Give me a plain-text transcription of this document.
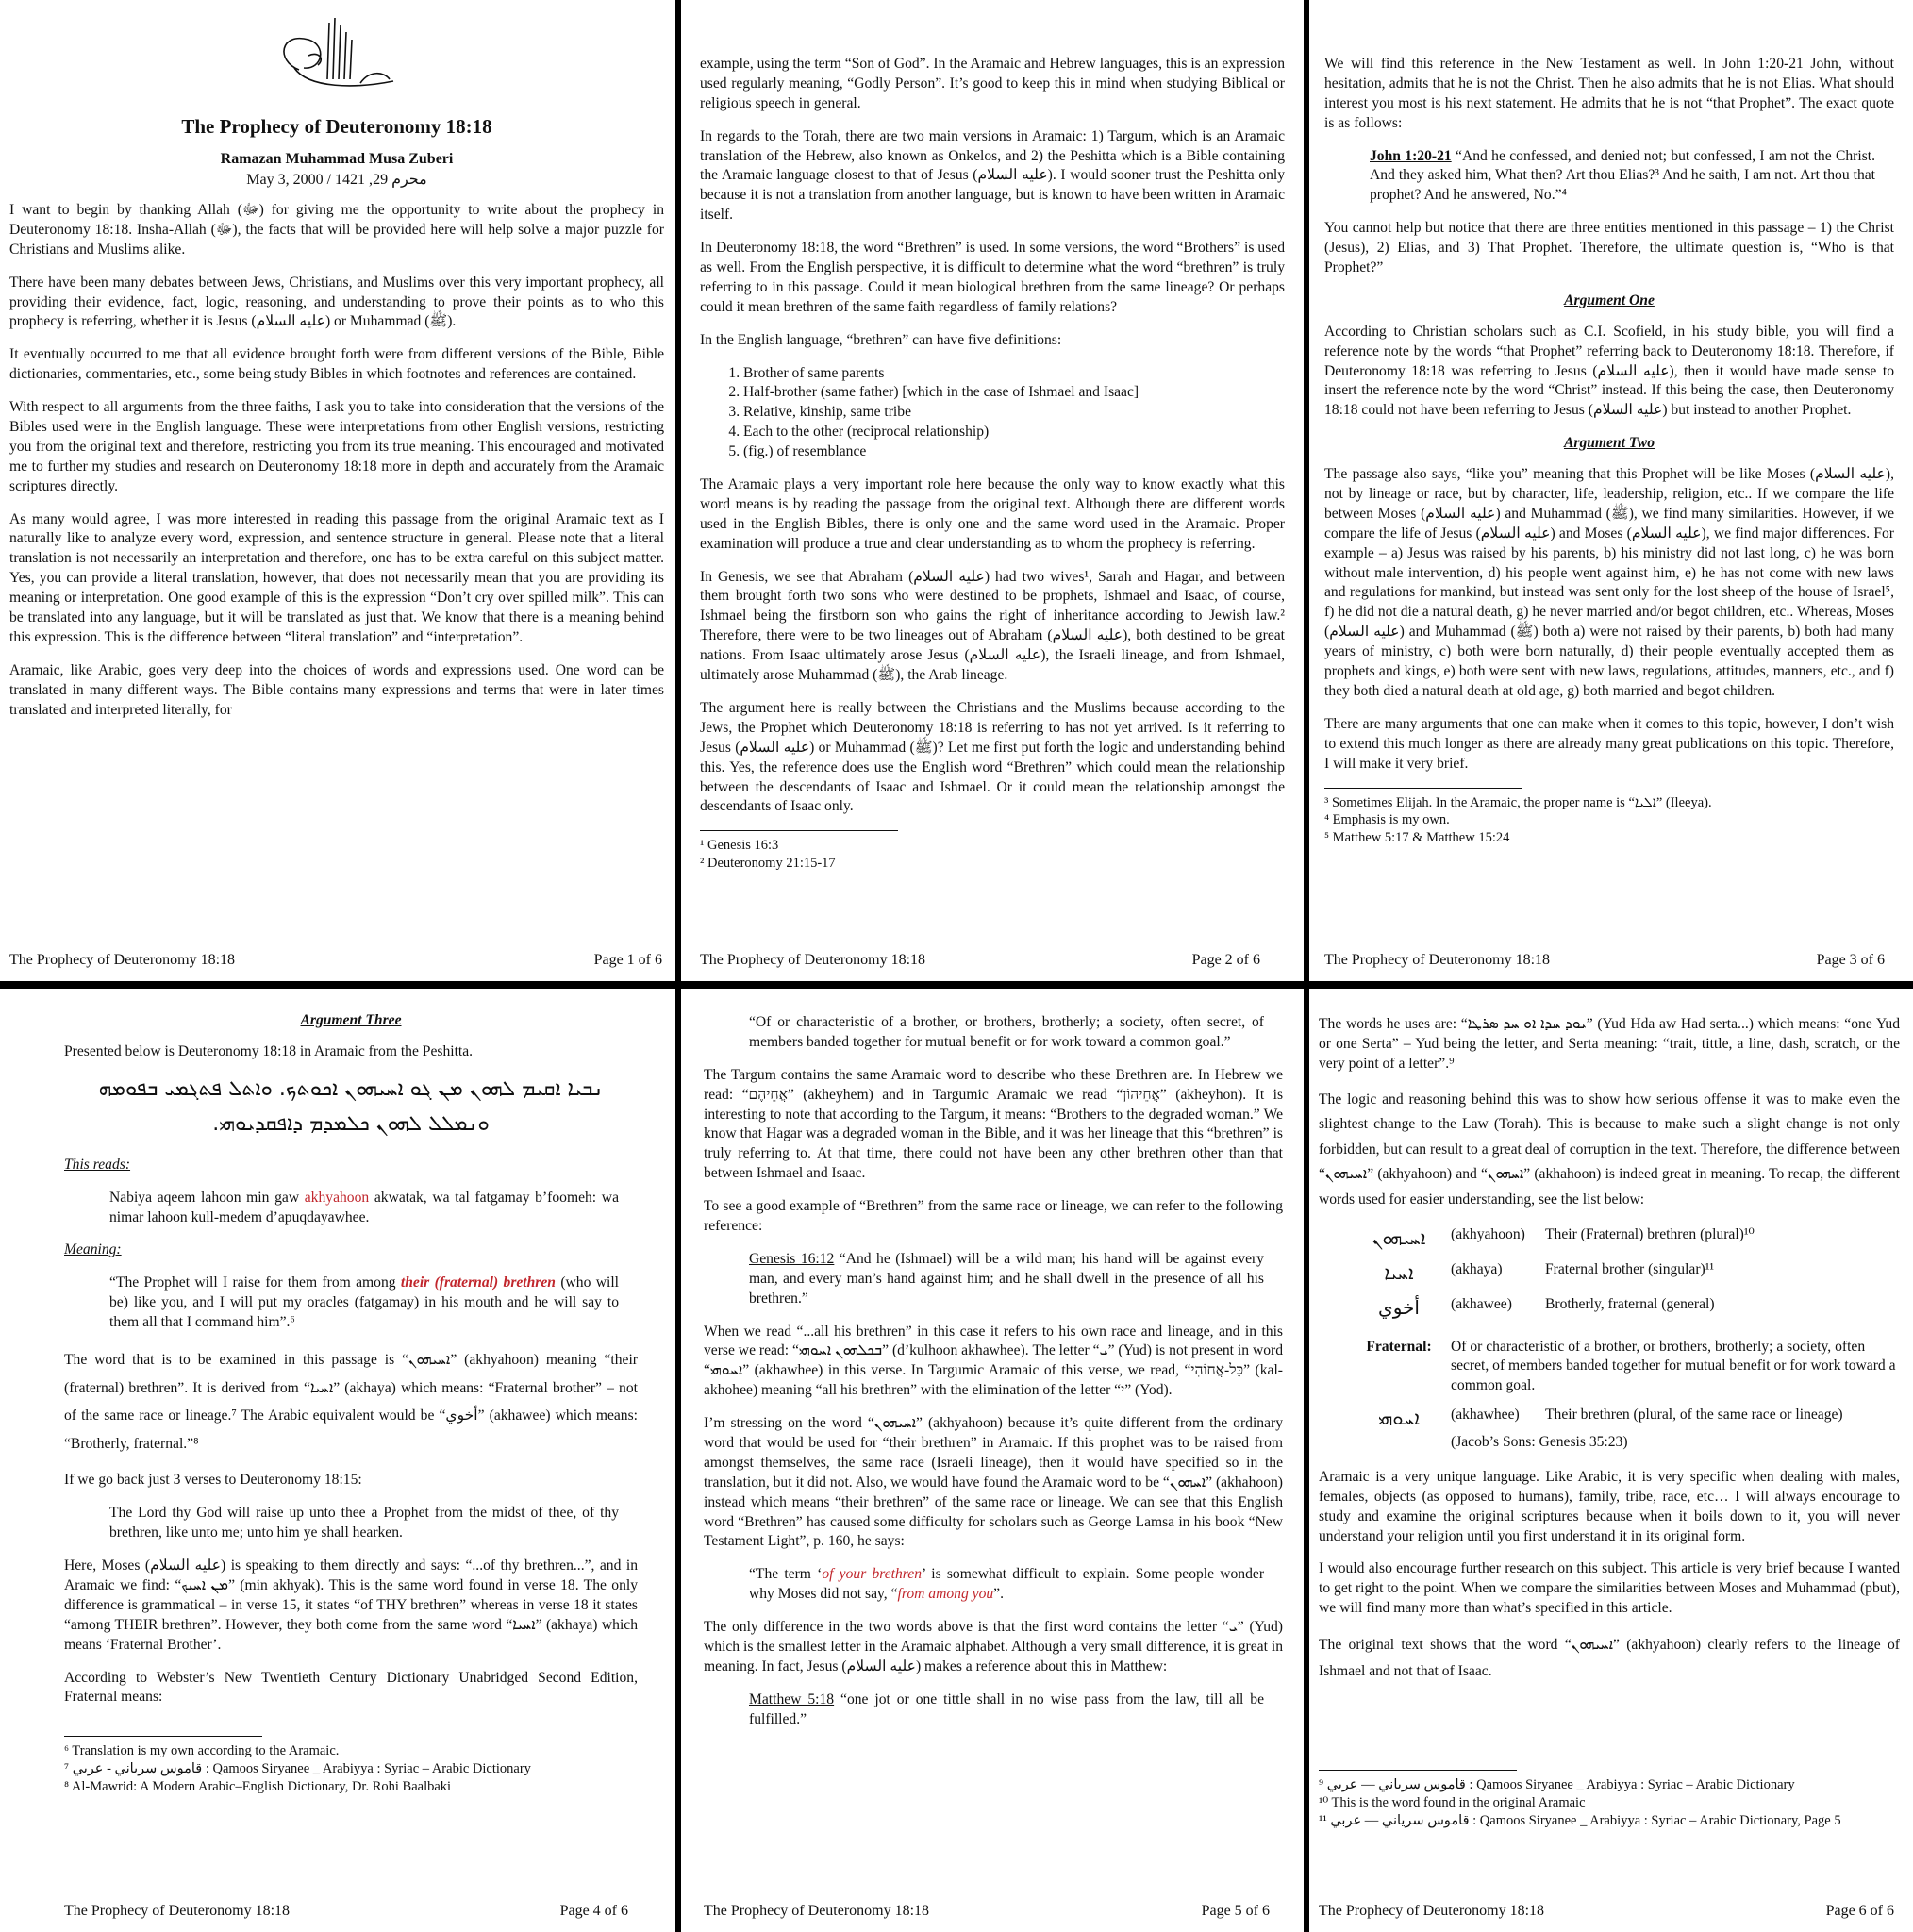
The Prophecy of Deuteronomy 18:18

Ramazan Muhammad Musa Zuberi

May 3, 2000 / 1421 ,محرم 29

I want to begin by thanking Allah (ﷻ) for giving me the opportunity to write about the prophecy in Deuteronomy 18:18. Insha-Allah (ﷻ), the facts that will be provided here will help solve a major puzzle for Christians and Muslims alike.

There have been many debates between Jews, Christians, and Muslims over this very important prophecy, all providing their evidence, fact, logic, reasoning, and understanding to prove their points as to who this prophecy is referring, whether it is Jesus (عليه السلام) or Muhammad (ﷺ).

It eventually occurred to me that all evidence brought forth were from different versions of the Bible, Bible dictionaries, commentaries, etc., some being study Bibles in which footnotes and references are contained.

With respect to all arguments from the three faiths, I ask you to take into consideration that the versions of the Bibles used were in the English language. These were interpretations from other English versions, restricting you from the original text and therefore, restricting you from its true meaning. This encouraged and motivated me to further my studies and research on Deuteronomy 18:18 more in depth and accurately from the Aramaic scriptures directly.

As many would agree, I was more interested in reading this passage from the original Aramaic text as I naturally like to analyze every word, expression, and sentence structure in general. Please note that a literal translation is not necessarily an interpretation and therefore, one has to be extra careful on this subject matter. Yes, you can provide a literal translation, however, that does not necessarily mean that you are providing its meaning or interpretation. One good example of this is the expression “Don’t cry over spilled milk”. This can be translated into any language, but it will be translated as just that. We know that there is a meaning behind this expression. This is the difference between “literal translation” and “interpretation”.

Aramaic, like Arabic, goes very deep into the choices of words and expressions used. One word can be translated in many different ways. The Bible contains many expressions and terms that were in later times translated and interpreted literally, for

The Prophecy of Deuteronomy 18:18	Page 1 of 6

example, using the term “Son of God”. In the Aramaic and Hebrew languages, this is an expression used regularly meaning, “Godly Person”. It’s good to keep this in mind when studying Biblical or religious speech in general.

In regards to the Torah, there are two main versions in Aramaic: 1) Targum, which is an Aramaic translation of the Hebrew, also known as Onkelos, and 2) the Peshitta which is a Bible containing the Aramaic language closest to that of Jesus (عليه السلام). I would sooner trust the Peshitta only because it is not a translation from another language, but is known to have been written in Aramaic itself.

In Deuteronomy 18:18, the word “Brethren” is used. In some versions, the word “Brothers” is used as well. From the English perspective, it is difficult to determine what the word “brethren” is truly referring to in this passage. Could it mean biological brethren from the same lineage? Or perhaps could it mean brethren of the same faith regardless of family relations?

In the English language, “brethren” can have five definitions:

1. Brother of same parents
2. Half-brother (same father) [which in the case of Ishmael and Isaac]
3. Relative, kinship, same tribe
4. Each to the other (reciprocal relationship)
5. (fig.) of resemblance

The Aramaic plays a very important role here because the only way to know exactly what this word means is by reading the passage from the original text. Although there are different words used in the English Bibles, there is only one and the same word used in the Aramaic. Proper examination will produce a true and clear understanding as to whom the prophecy is referring.

In Genesis, we see that Abraham (عليه السلام) had two wives¹, Sarah and Hagar, and between them brought forth two sons who were destined to be prophets, Ishmael and Isaac, of course, Ishmael being the firstborn son who gains the right of inheritance according to Jewish law.² Therefore, there were to be two lineages out of Abraham (عليه السلام), both destined to be great nations. From Isaac ultimately arose Jesus (عليه السلام), the Israeli lineage, and from Ishmael, ultimately arose Muhammad (ﷺ), the Arab lineage.

The argument here is really between the Christians and the Muslims because according to the Jews, the Prophet which Deuteronomy 18:18 is referring to has not yet arrived. Is it referring to Jesus (عليه السلام) or Muhammad (ﷺ)? Let me first put forth the logic and understanding behind this. Yes, the reference does use the English word “Brethren” which could mean the relationship between the descendants of Isaac and Ishmael. Or it could mean the relationship amongst the descendants of Isaac only.

¹ Genesis 16:3

² Deuteronomy 21:15-17

The Prophecy of Deuteronomy 18:18	Page 2 of 6

We will find this reference in the New Testament as well. In John 1:20-21 John, without hesitation, admits that he is not the Christ. Then he also admits that he is not Elias. What should interest you most is his next statement. He admits that he is not “that Prophet”. The exact quote is as follows:

John 1:20-21 “And he confessed, and denied not; but confessed, I am not the Christ. And they asked him, What then? Art thou Elias?³ And he saith, I am not. Art thou that prophet? And he answered, No.”⁴

You cannot help but notice that there are three entities mentioned in this passage – 1) the Christ (Jesus), 2) Elias, and 3) That Prophet. Therefore, the ultimate question is, “Who is that Prophet?”

Argument One

According to Christian scholars such as C.I. Scofield, in his study bible, you will find a reference note by the words “that Prophet” referring back to Deuteronomy 18:18. Therefore, if Deuteronomy 18:18 was referring to Jesus (عليه السلام), then it would have made sense to insert the reference note by the word “Christ” instead. If this being the case, then Deuteronomy 18:18 could not have been referring to Jesus (عليه السلام) but instead to another Prophet.

Argument Two

The passage also says, “like you” meaning that this Prophet will be like Moses (عليه السلام), not by lineage or race, but by character, life, leadership, religion, etc.. If we compare the life between Moses (عليه السلام) and Muhammad (ﷺ), we find many similarities. However, if we compare the life of Jesus (عليه السلام) and Moses (عليه السلام), we find major differences. For example – a) Jesus was raised by his parents, b) his ministry did not last long, c) he was born without male intervention, d) his people went against him, e) he has not come with new laws and regulations for mankind, but instead was sent only for the lost sheep of the house of Israel⁵, f) he did not die a natural death, g) he never married and/or begot children, etc.. Whereas, Moses (عليه السلام) and Muhammad (ﷺ) both a) were not raised by their parents, b) both had many years of ministry, c) both were born naturally, d) their people eventually accepted them as prophets and kings, e) both were sent with new laws, regulations, attitudes, manners, etc., and f) they both died a natural death at old age, g) both married and begot children.

There are many arguments that one can make when it comes to this topic, however, I don’t wish to extend this much longer as there are already many great publications on this topic. Therefore, I will make it very brief.

³ Sometimes Elijah. In the Aramaic, the proper name is “ܐܠܝܐ” (Ileeya).

⁴ Emphasis is my own.

⁵ Matthew 5:17 & Matthew 15:24

The Prophecy of Deuteronomy 18:18	Page 3 of 6
Argument Three

Presented below is Deuteronomy 18:18 in Aramaic from the Peshitta.

ܢܒܝܐ ܐܩܝܡ ܠܗܘܢ ܡܢ ܓܘ ܐܚܝܗܘܢ ܐܟܘܬܟ. ܘܐܬܠ ܦܬܓܡܝ ܒܦܘܡܗ
ܘܢܡܠܠ ܠܗܘܢ ܟܠܡܕܡ ܕܐܦܩܕܝܘܗܝ.

This reads:

Nabiya aqeem lahoon min gaw akhyahoon akwatak, wa tal fatgamay b’foomeh: wa nimar lahoon kull-medem d’apuqdayawhee.

Meaning:

“The Prophet will I raise for them from among their (fraternal) brethren (who will be) like you, and I will put my oracles (fatgamay) in his mouth and he will say to them all that I command him”.⁶

The word that is to be examined in this passage is “ܐܚܝܗܘܢ” (akhyahoon) meaning “their (fraternal) brethren”. It is derived from “ܐܚܝܐ” (akhaya) which means: “Fraternal brother” – not of the same race or lineage.⁷ The Arabic equivalent would be “أخوي” (akhawee) which means: “Brotherly, fraternal.”⁸

If we go back just 3 verses to Deuteronomy 18:15:

The Lord thy God will raise up unto thee a Prophet from the midst of thee, of thy brethren, like unto me; unto him ye shall hearken.

Here, Moses (عليه السلام) is speaking to them directly and says: “...of thy brethren...”, and in Aramaic we find: “ܡܢ ܐܚܝܟ” (min akhyak). This is the same word found in verse 18. The only difference is grammatical – in verse 15, it states “of THY brethren” whereas in verse 18 it states “among THEIR brethren”. However, they both come from the same word “ܐܚܝܐ” (akhaya) which means ‘Fraternal Brother’.

According to Webster’s New Twentieth Century Dictionary Unabridged Second Edition, Fraternal means:

⁶ Translation is my own according to the Aramaic.

⁷ قاموس سرياني - عربي : Qamoos Siryanee _ Arabiyya : Syriac – Arabic Dictionary

⁸ Al-Mawrid: A Modern Arabic–English Dictionary, Dr. Rohi Baalbaki

The Prophecy of Deuteronomy 18:18	Page 4 of 6

“Of or characteristic of a brother, or brothers, brotherly; a society, often secret, of members banded together for mutual benefit or for work toward a common goal.”

The Targum contains the same Aramaic word to describe who these Brethren are. In Hebrew we read: “אֲחֵיהֶם” (akheyhem) and in Targumic Aramaic we read “אֲחֵיהוֹן” (akheyhon). It is interesting to note that according to the Targum, it means: “Brothers to the degraded woman.” We know that Hagar was a degraded woman in the Bible, and it was her lineage that this “brethren” is truly referring to. At that time, there could not have been any other brethren other than that between Ishmael and Isaac.

To see a good example of “Brethren” from the same race or lineage, we can refer to the following reference:

Genesis 16:12 “And he (Ishmael) will be a wild man; his hand will be against every man, and every man’s hand against him; and he shall dwell in the presence of all his brethren.”

When we read “...all his brethren” in this case it refers to his own race and lineage, and in this verse we read: “ܒܟܠܗܘܢ ܐܚܘܗܝ” (d’kulhoon akhawhee). The letter “ܝ” (Yud) is not present in word “ܐܚܘܗܝ” (akhawhee) in this verse. In Targumic Aramaic of this verse, we read, “כָּל-אֲחוֹהִי” (kal-akhohee) meaning “all his brethren” with the elimination of the letter “י” (Yod).

I’m stressing on the word “ܐܚܝܗܘܢ” (akhyahoon) because it’s quite different from the ordinary word that would be used for “their brethren” in Aramaic. If this prophet was to be raised from amongst themselves, the same race (Israeli lineage), then it would have specified so in the translation, but it did not. Also, we would have found the Aramaic word to be “ܐܚܗܘܢ” (akhahoon) instead which means “their brethren” of the same race or lineage. We can see that this English word “Brethren” has caused some difficulty for scholars such as George Lamsa in his book “New Testament Light”, p. 160, he says:

“The term ‘of your brethren’ is somewhat difficult to explain. Some people wonder why Moses did not say, “from among you”.

The only difference in the two words above is that the first word contains the letter “ܝ” (Yud) which is the smallest letter in the Aramaic alphabet. Although a very small difference, it is great in meaning. In fact, Jesus (عليه السلام) makes a reference about this in Matthew:

Matthew 5:18 “one jot or one tittle shall in no wise pass from the law, till all be fulfilled.”

The Prophecy of Deuteronomy 18:18	Page 5 of 6

The words he uses are: “ܝܘܕ ܚܕܐ ܐܘ ܚܕ ܣܪܛܐ” (Yud Hda aw Had serta...) which means: “one Yud or one Serta” – Yud being the letter, and Serta meaning: “trait, tittle, a line, dash, scratch, or the very point of a letter”.⁹

The logic and reasoning behind this was to show how serious offense it was to make even the slightest change to the Law (Torah). This is because to make such a slight change is not only forbidden, but can result to a great deal of corruption in the text. Therefore, the difference between “ܐܚܝܗܘܢ” (akhyahoon) and “ܐܚܗܘܢ” (akhahoon) is indeed great in meaning. To recap, the different words used for easier understanding, see the list below:

ܐܚܝܗܘܢ	(akhyahoon)	Their (Fraternal) brethren (plural)¹⁰
ܐܚܝܐ	(akhaya)	Fraternal brother (singular)¹¹
أخوي	(akhawee)	Brotherly, fraternal (general)
Fraternal:	Of or characteristic of a brother, or brothers, brotherly; a society, often secret, of members banded together for mutual benefit or for work toward a common goal.
ܐܚܘܗܝ	(akhawhee)	Their brethren (plural, of the same race or lineage)
(Jacob’s Sons: Genesis 35:23)

Aramaic is a very unique language. Like Arabic, it is very specific when dealing with males, females, objects (as opposed to humans), family, tribe, race, etc… I will always encourage to study and examine the original scriptures because when it boils down to it, you will never understand your religion until you first understand it in its original form.

I would also encourage further research on this subject. This article is very brief because I wanted to get right to the point. When we compare the similarities between Moses and Muhammad (pbut), we will find many more than what’s specified in this article.

The original text shows that the word “ܐܚܝܗܘܢ” (akhyahoon) clearly refers to the lineage of Ishmael and not that of Isaac.

⁹ قاموس سرياني — عربي : Qamoos Siryanee _ Arabiyya : Syriac – Arabic Dictionary

¹⁰ This is the word found in the original Aramaic

¹¹ قاموس سرياني — عربي : Qamoos Siryanee _ Arabiyya : Syriac – Arabic Dictionary, Page 5

The Prophecy of Deuteronomy 18:18	Page 6 of 6
